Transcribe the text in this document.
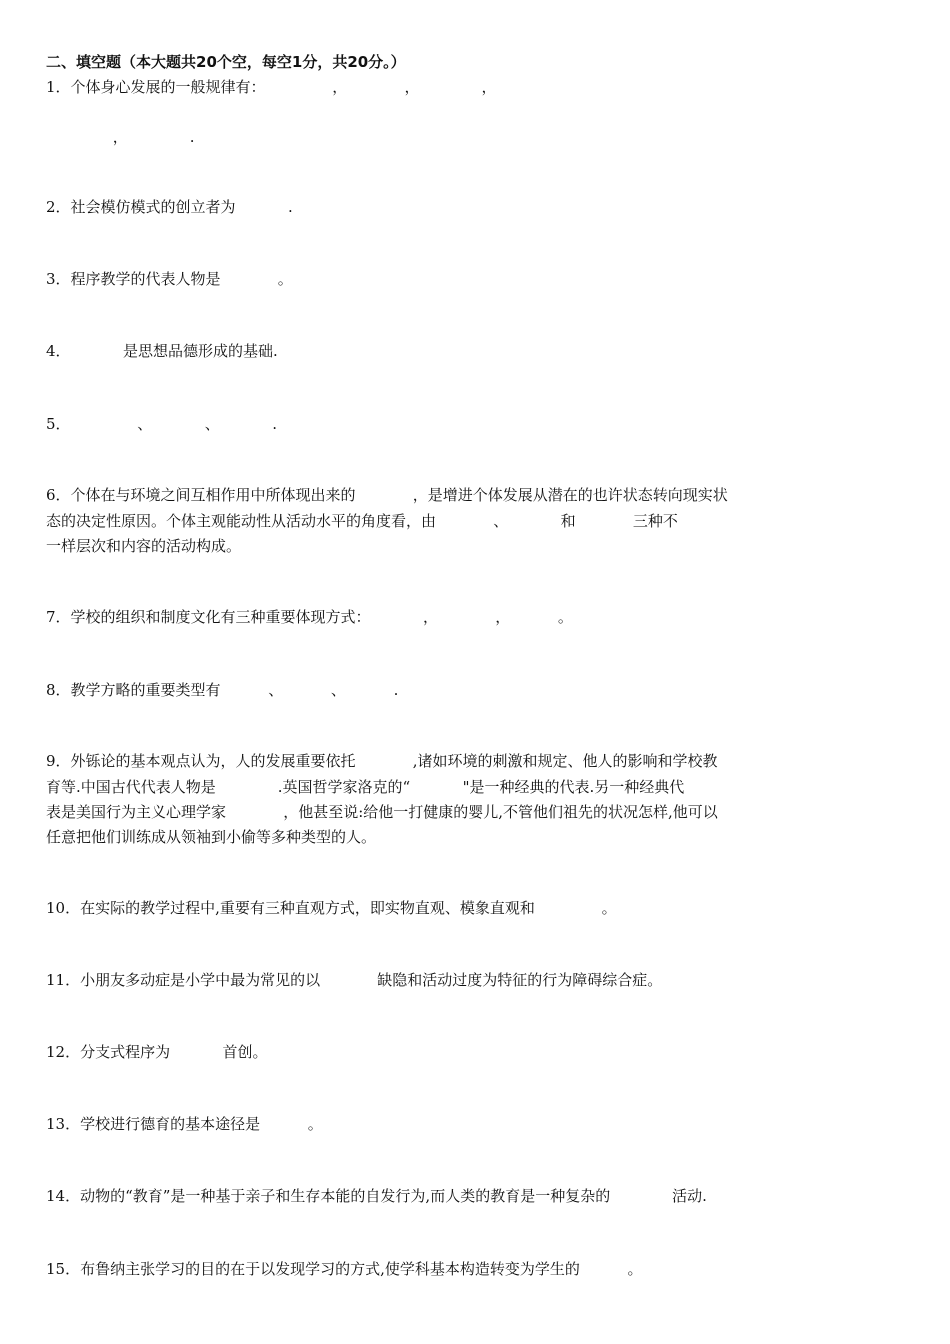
二、填空题（本大题共20个空，每空1分，共20分。）
1．个体身心发展的一般规律有：              ，            ，             ，
，             .
2．社会模仿模式的创立者为           .
3．程序教学的代表人物是            。
4．           是思想品德形成的基础.
5．              、           、           .
6．个体在与环境之间互相作用中所体现出来的            ，是增进个体发展从潜在的也许状态转向现实状
态的决定性原因。个体主观能动性从活动水平的角度看，由            、           和            三种不
一样层次和内容的活动构成。
7．学校的组织和制度文化有三种重要体现方式：           ，            ，          。
8．教学方略的重要类型有          、          、          .
9．外铄论的基本观点认为，人的发展重要依托            ,诸如环境的刺激和规定、他人的影响和学校教
育等.中国古代代表人物是             .英国哲学家洛克的“           "是一种经典的代表.另一种经典代
表是美国行为主义心理学家            ，他甚至说:给他一打健康的婴儿,不管他们祖先的状况怎样,他可以
任意把他们训练成从领袖到小偷等多种类型的人。
10．在实际的教学过程中,重要有三种直观方式，即实物直观、模象直观和              。
11．小朋友多动症是小学中最为常见的以            缺隐和活动过度为特征的行为障碍综合症。
12．分支式程序为           首创。
13．学校进行德育的基本途径是          。
14．动物的“教育”是一种基于亲子和生存本能的自发行为,而人类的教育是一种复杂的             活动.
15．布鲁纳主张学习的目的在于以发现学习的方式,使学科基本构造转变为学生的          。
